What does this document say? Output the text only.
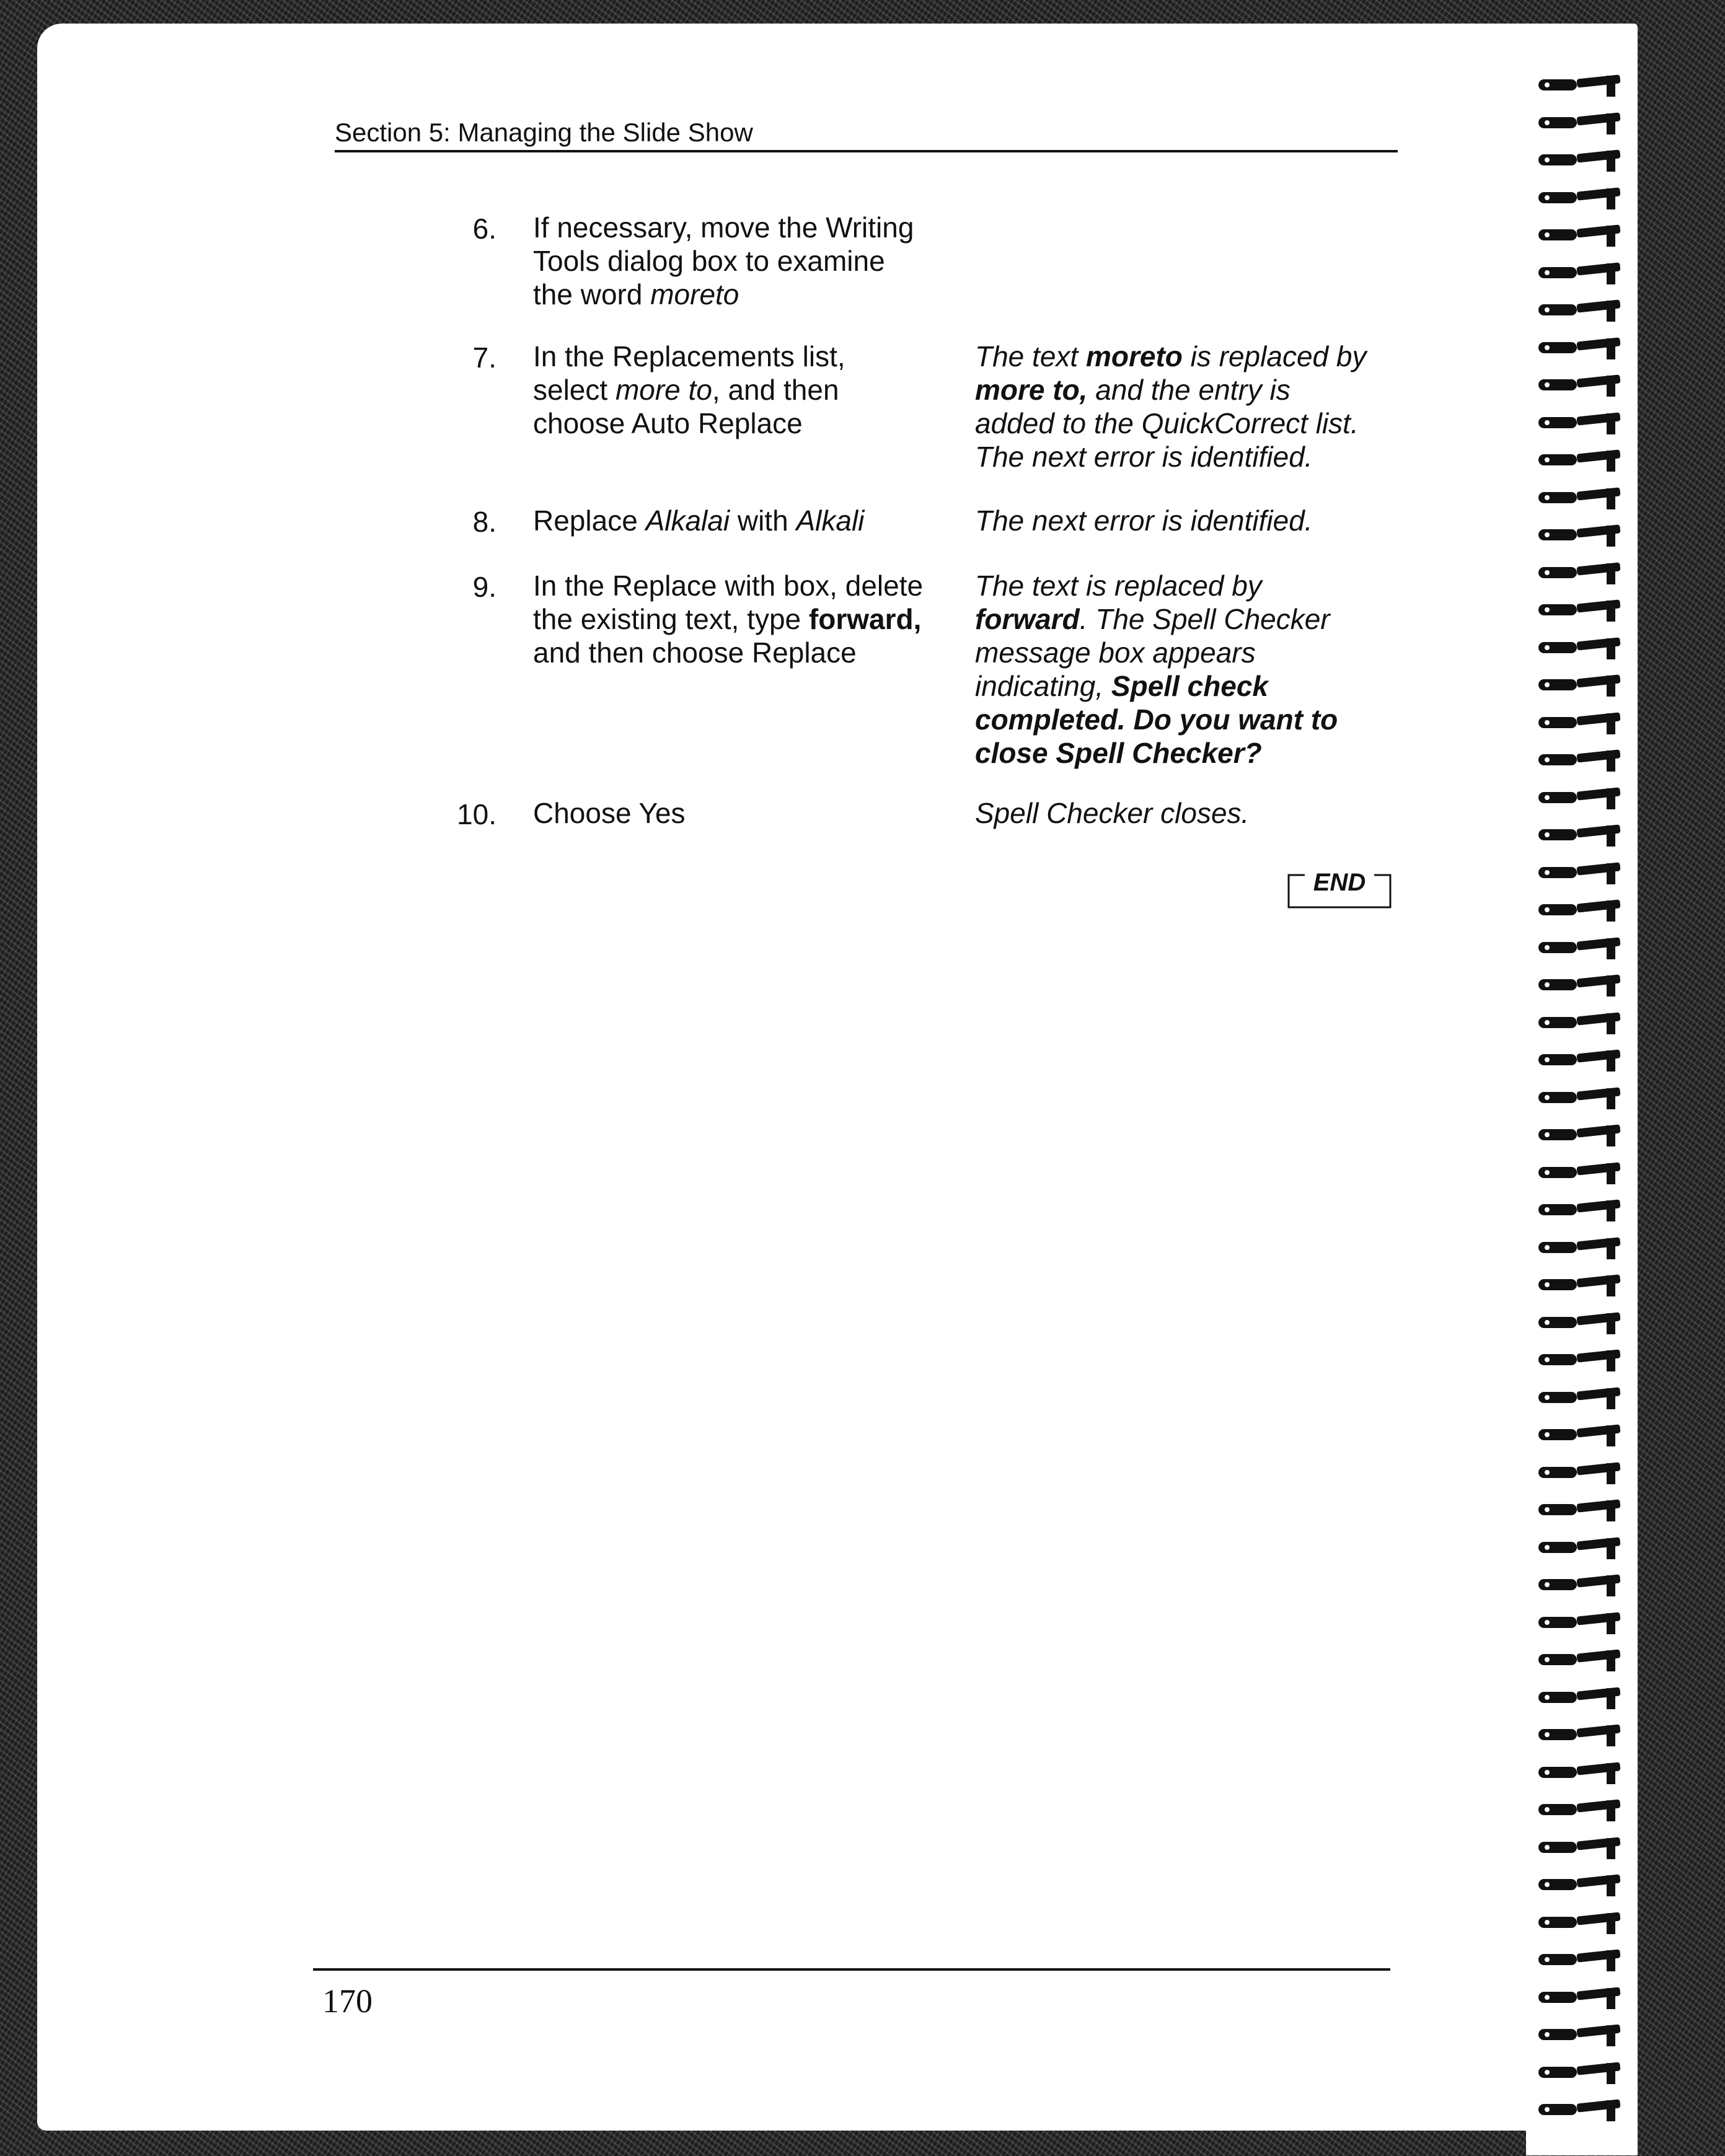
Section 5: Managing the Slide Show
6. If necessary, move the Writing
Tools dialog box to examine
the word moreto
7. In the Replacements list,
select more to, and then
choose Auto Replace
The text moreto is replaced by
more to, and the entry is
added to the QuickCorrect list.
The next error is identified.
8. Replace Alkalai with Alkali	The next error is identified.
9. In the Replace with box, delete
the existing text, type forward,
and then choose Replace
The text is replaced by
forward. The Spell Checker
message box appears
indicating, Spell check
completed. Do you want to
close Spell Checker?
10. Choose Yes	Spell Checker closes.
END
170
